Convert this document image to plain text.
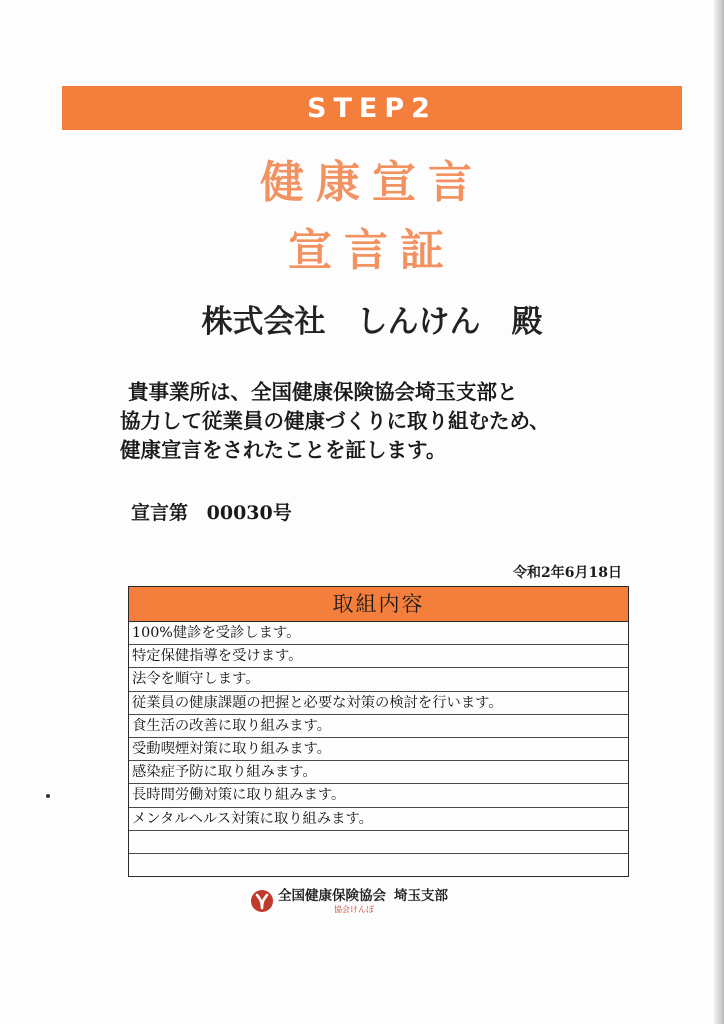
STEP2
健康宣言
宣言証
株式会社　しんけん　殿
貴事業所は、全国健康保険協会埼玉支部と
協力して従業員の健康づくりに取り組むため、
健康宣言をされたことを証します。
宣言第 00030号
令和2年6月18日
取組内容
100%健診を受診します。
特定保健指導を受けます。
法令を順守します。
従業員の健康課題の把握と必要な対策の検討を行います。
食生活の改善に取り組みます。
受動喫煙対策に取り組みます。
感染症予防に取り組みます。
長時間労働対策に取り組みます。
メンタルヘルス対策に取り組みます。
全国健康保険協会 埼玉支部
協会けんぽ
